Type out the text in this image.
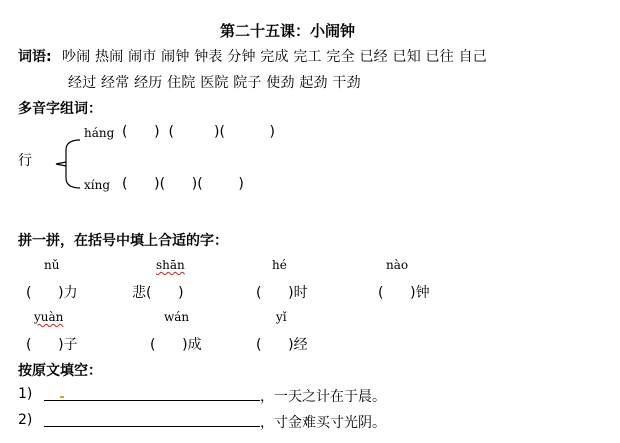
第二十五课：小闹钟
词语: 吵闹 热闹 闹市 闹钟 钟表 分钟 完成 完工 完全 已经 已知 已往 自己
经过 经常 经历 住院 医院 院子 使劲 起劲 干劲
多音字组词：
行
háng (      )  (         )(          )
xíng (      )(      )(        )
拼一拼，在括号中填上合适的字：
nǔ	shān	hé	nào
(      )力	悲(      )	(      )时	(      )钟
yuàn	wán	yǐ
(      )子	(      )成	(      )经
按原文填空：
1)	，一天之计在于晨。
2)	，寸金难买寸光阴。
